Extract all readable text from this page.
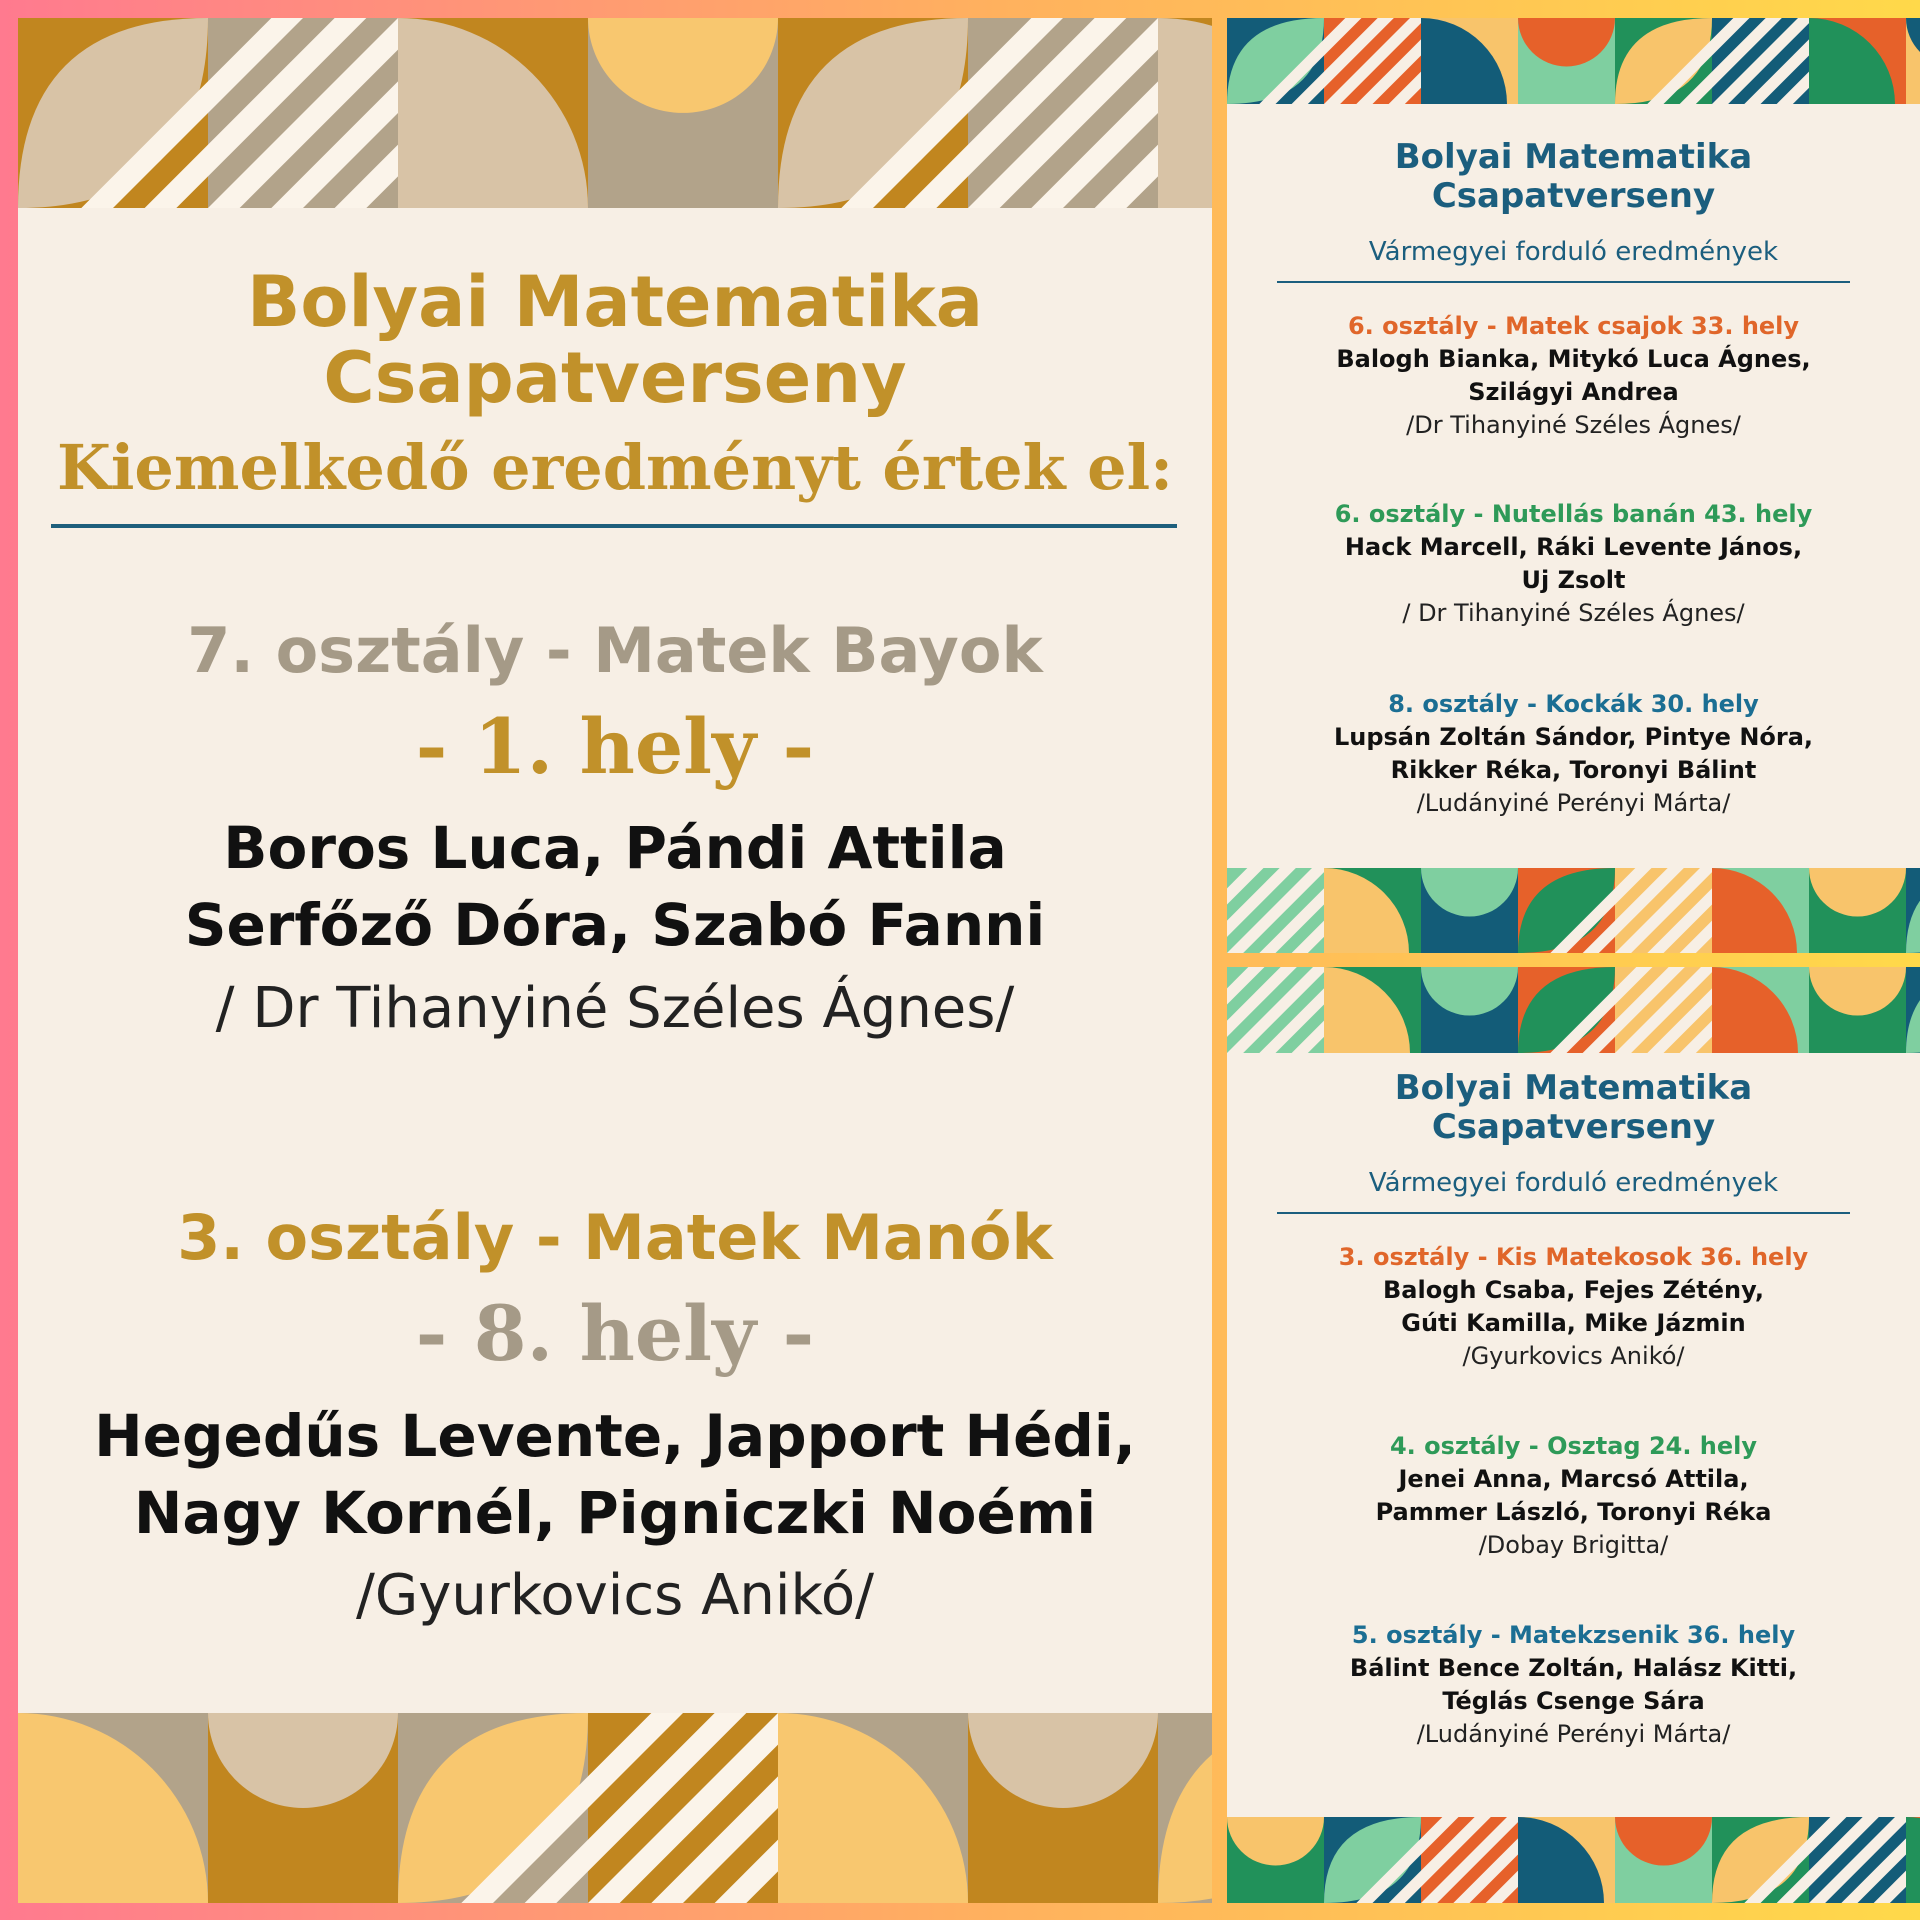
Bolyai Matematika
Csapatverseny
Kiemelkedő eredményt értek el:
7. osztály - Matek Bayok
- 1. hely -
Boros Luca, Pándi Attila
Serfőző Dóra, Szabó Fanni
/ Dr Tihanyiné Széles Ágnes/
3. osztály - Matek Manók
- 8. hely -
Hegedűs Levente, Japport Hédi,
Nagy Kornél, Pigniczki Noémi
/Gyurkovics Anikó/
Bolyai Matematika
Csapatverseny
Vármegyei forduló eredmények
6. osztály - Matek csajok 33. hely
Balogh Bianka, Mitykó Luca Ágnes,
Szilágyi Andrea
/Dr Tihanyiné Széles Ágnes/
6. osztály - Nutellás banán 43. hely
Hack Marcell, Ráki Levente János,
Uj Zsolt
/ Dr Tihanyiné Széles Ágnes/
8. osztály - Kockák 30. hely
Lupsán Zoltán Sándor, Pintye Nóra,
Rikker Réka, Toronyi Bálint
/Ludányiné Perényi Márta/
Bolyai Matematika
Csapatverseny
Vármegyei forduló eredmények
3. osztály - Kis Matekosok 36. hely
Balogh Csaba, Fejes Zétény,
Gúti Kamilla, Mike Jázmin
/Gyurkovics Anikó/
4. osztály - Osztag 24. hely
Jenei Anna, Marcsó Attila,
Pammer László, Toronyi Réka
/Dobay Brigitta/
5. osztály - Matekzsenik 36. hely
Bálint Bence Zoltán, Halász Kitti,
Téglás Csenge Sára
/Ludányiné Perényi Márta/
